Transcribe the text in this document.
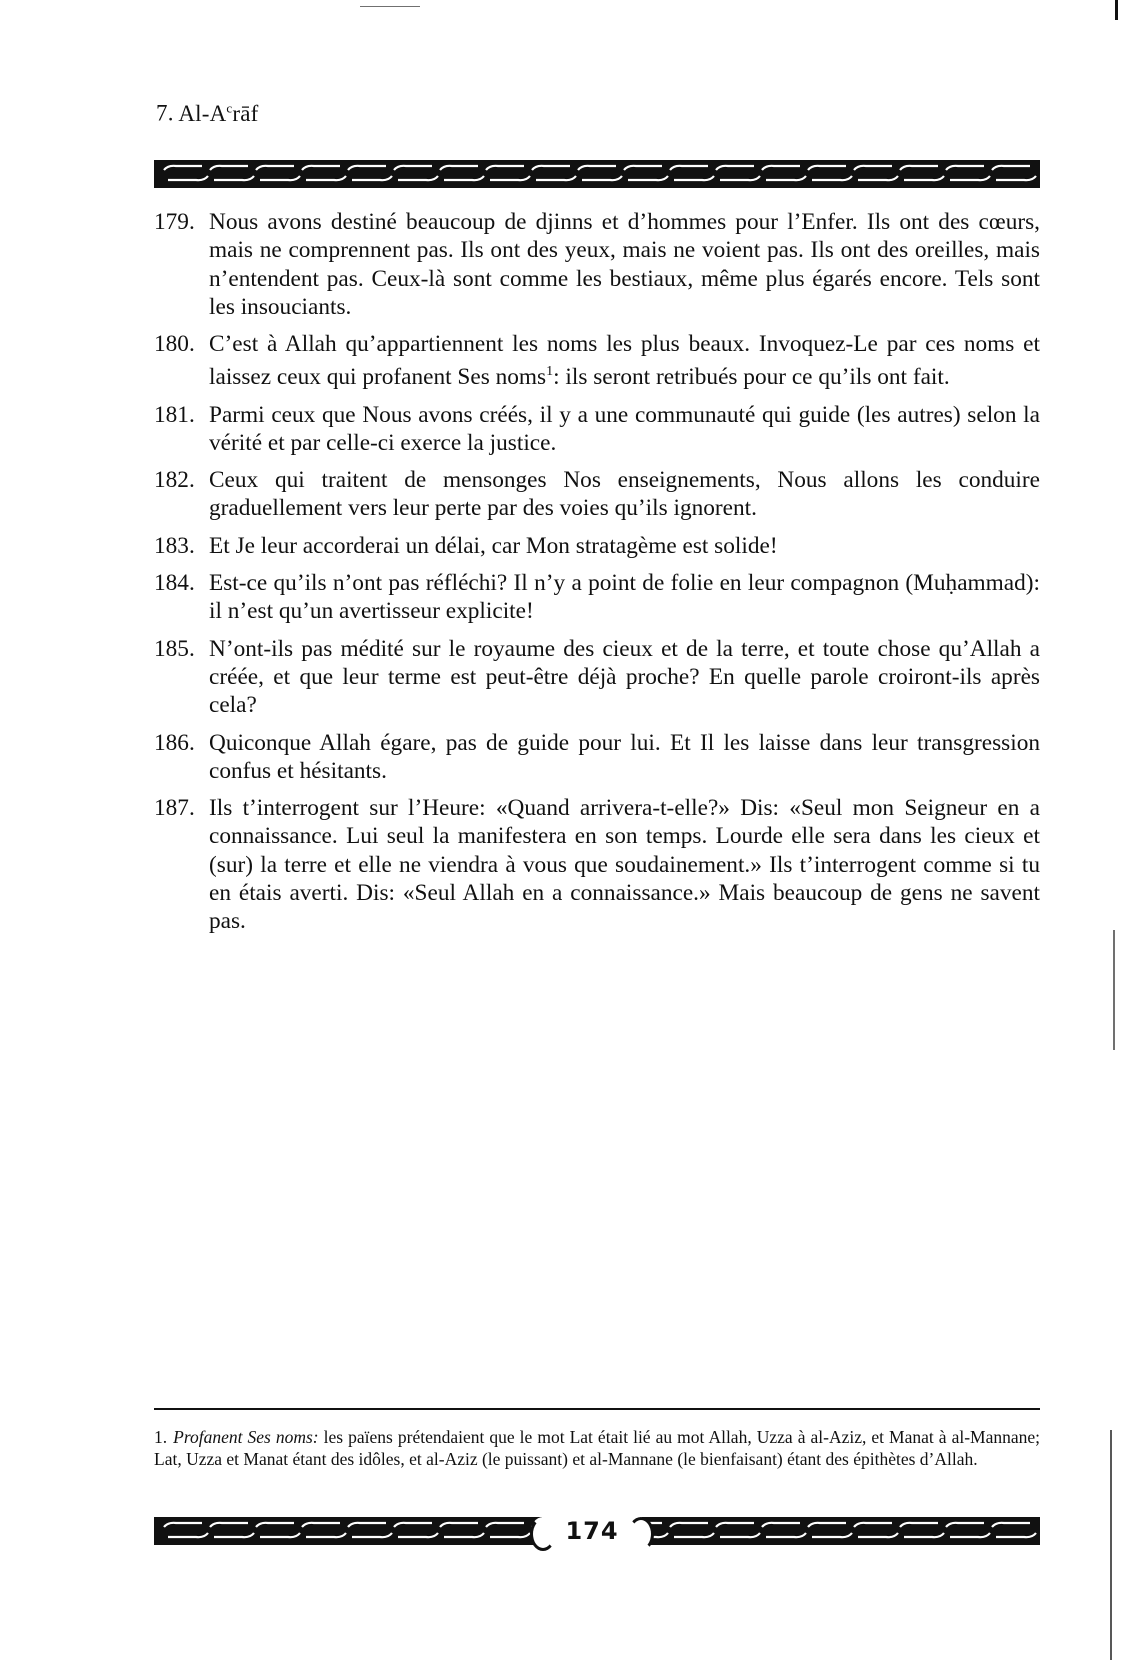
7. $Al-A^crāf$
179. Nous avons destiné beaucoup de djinns et d’hommes pour l’Enfer. Ils ont des cœurs, mais ne comprennent pas. Ils ont des yeux, mais ne voient pas. Ils ont des oreilles, mais n’entendent pas. Ceux-là sont comme les bestiaux, même plus égarés encore. Tels sont les insouciants.
180. C’est à Allah qu’appartiennent les noms les plus beaux. Invoquez-Le par ces noms et laissez ceux qui profanent Ses noms$^1$: ils seront retribués pour ce qu’ils ont fait.
181. Parmi ceux que Nous avons créés, il y a une communauté qui guide (les autres) selon la vérité et par celle-ci exerce la justice.
182. Ceux qui traitent de mensonges Nos enseignements, Nous allons les conduire graduellement vers leur perte par des voies qu’ils ignorent.
183. Et Je leur accorderai un délai, car Mon stratagème est solide!
184. Est-ce qu’ils n’ont pas réfléchi? Il n’y a point de folie en leur compagnon (Muḥammad): il n’est qu’un avertisseur explicite!
185. N’ont-ils pas médité sur le royaume des cieux et de la terre, et toute chose qu’Allah a créée, et que leur terme est peut-être déjà proche? En quelle parole croiront-ils après cela?
186. Quiconque Allah égare, pas de guide pour lui. Et Il les laisse dans leur transgression confus et hésitants.
187. Ils t’interrogent sur l’Heure: «Quand arrivera-t-elle?» Dis: «Seul mon Seigneur en a connaissance. Lui seul la manifestera en son temps. Lourde elle sera dans les cieux et (sur) la terre et elle ne viendra à vous que soudainement.» Ils t’interrogent comme si tu en étais averti. Dis: «Seul Allah en a connaissance.» Mais beaucoup de gens ne savent pas.
1. Profanent Ses noms: les païens prétendaient que le mot Lat était lié au mot Allah, Uzza à al-Aziz, et Manat à al-Mannane; Lat, Uzza et Manat étant des idôles, et al-Aziz (le puissant) et al-Mannane (le bienfaisant) étant des épithètes d’Allah.
174
